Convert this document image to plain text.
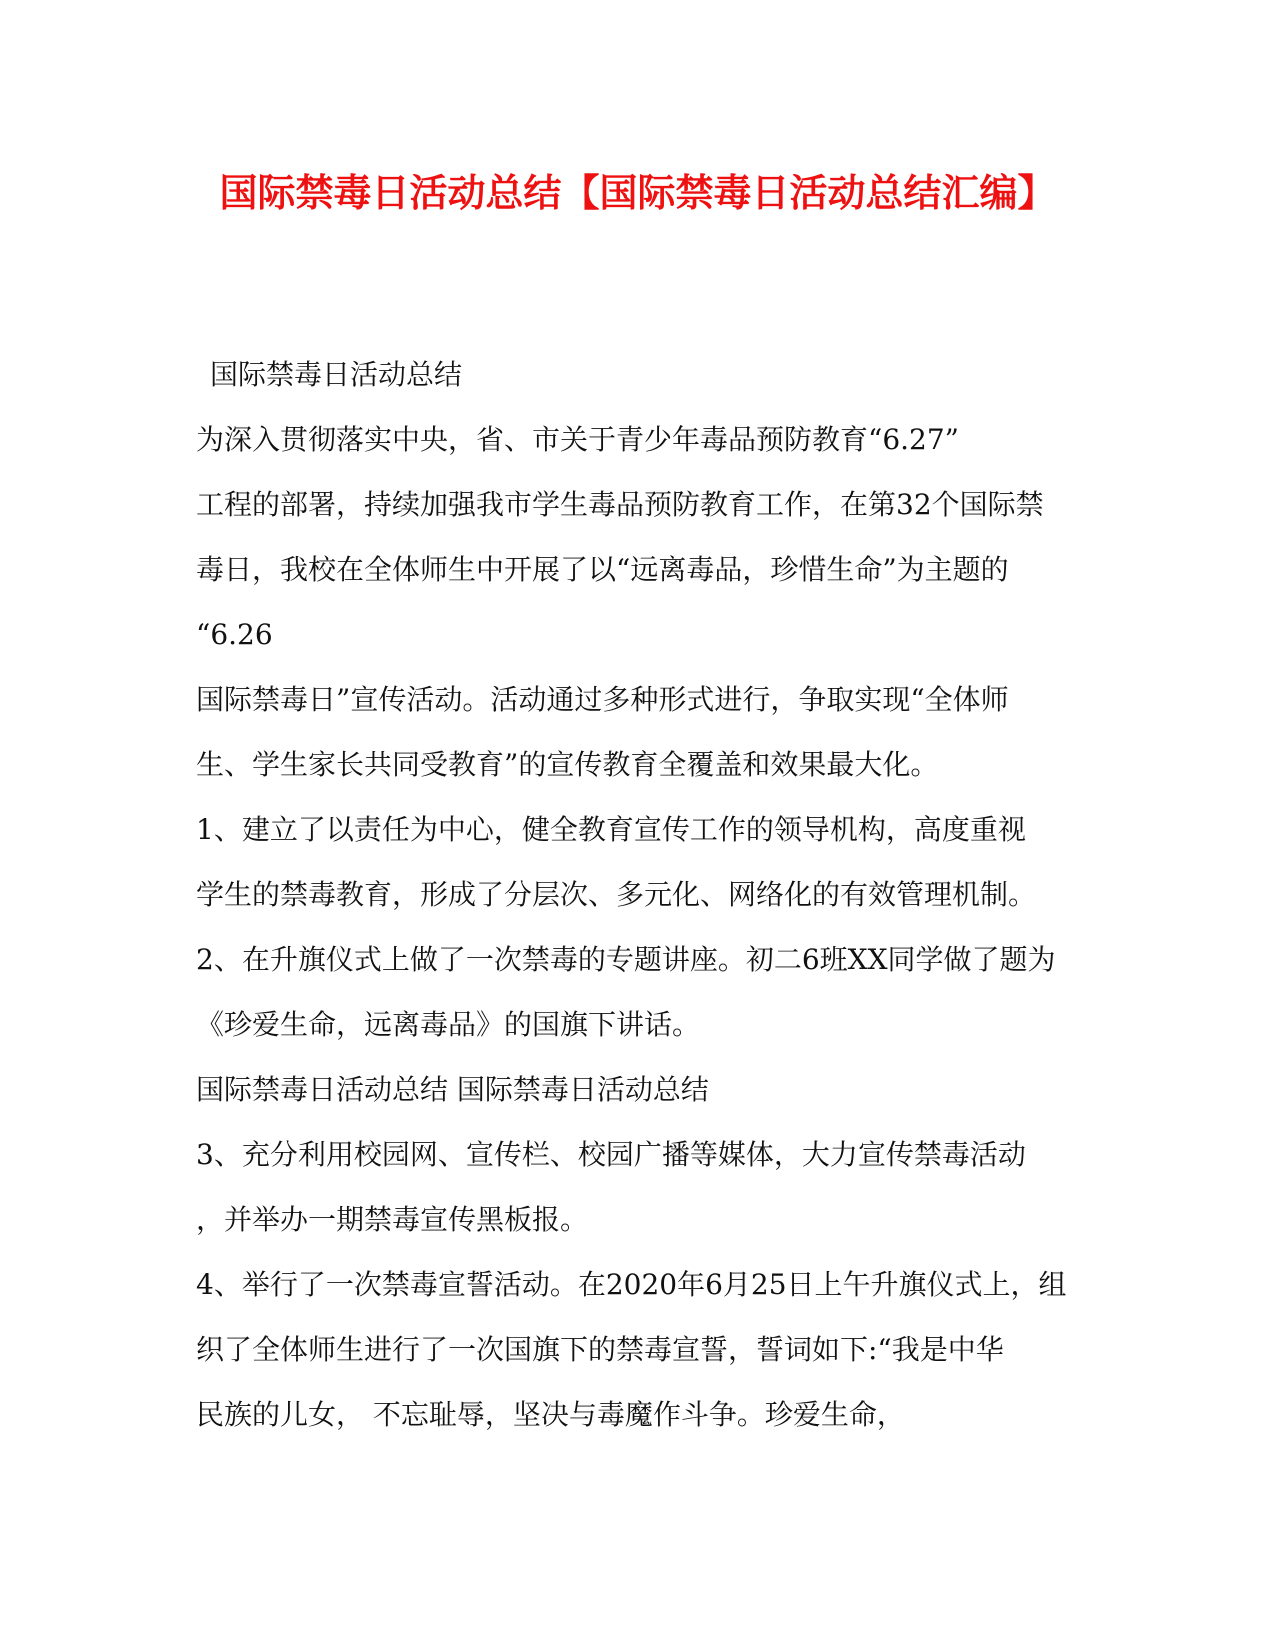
国际禁毒日活动总结【国际禁毒日活动总结汇编】

国际禁毒日活动总结

为深入贯彻落实中央，省、市关于青少年毒品预防教育“6.27”

工程的部署，持续加强我市学生毒品预防教育工作，在第32个国际禁

毒日，我校在全体师生中开展了以“远离毒品，珍惜生命”为主题的

“6.26

国际禁毒日”宣传活动。活动通过多种形式进行，争取实现“全体师

生、学生家长共同受教育”的宣传教育全覆盖和效果最大化。

1、建立了以责任为中心，健全教育宣传工作的领导机构，高度重视

学生的禁毒教育，形成了分层次、多元化、网络化的有效管理机制。

2、在升旗仪式上做了一次禁毒的专题讲座。初二6班XX同学做了题为

《珍爱生命，远离毒品》的国旗下讲话。

国际禁毒日活动总结 国际禁毒日活动总结

3、充分利用校园网、宣传栏、校园广播等媒体，大力宣传禁毒活动

，并举办一期禁毒宣传黑板报。

4、举行了一次禁毒宣誓活动。在2020年6月25日上午升旗仪式上，组

织了全体师生进行了一次国旗下的禁毒宣誓，誓词如下:“我是中华

民族的儿女， 不忘耻辱，坚决与毒魔作斗争。珍爱生命，
